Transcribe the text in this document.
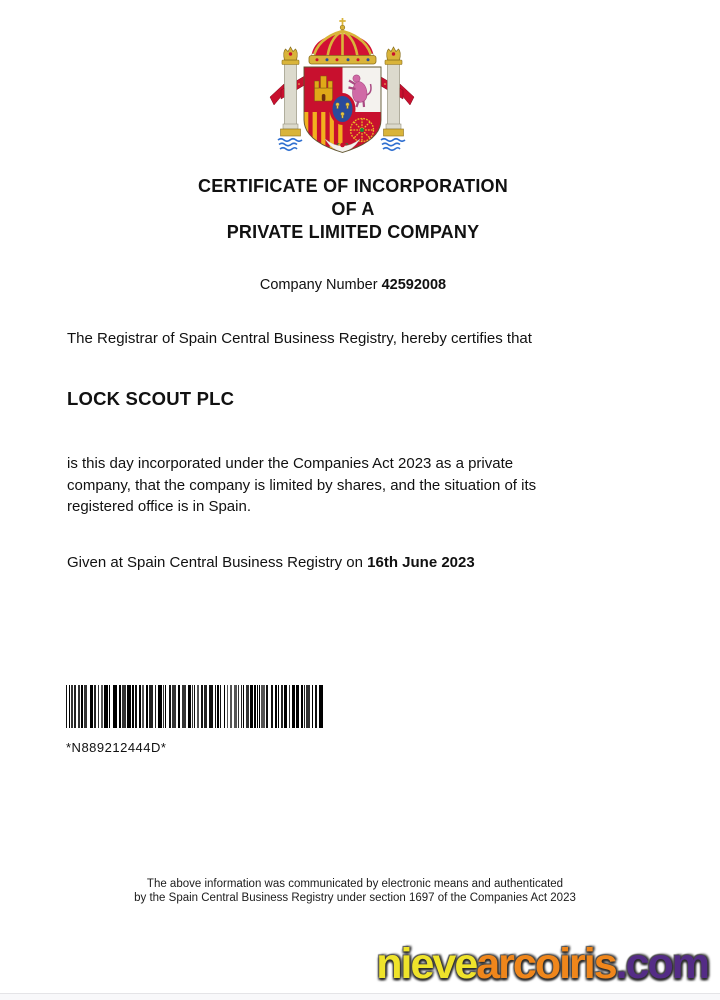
CERTIFICATE OF INCORPORATION
OF A
PRIVATE LIMITED COMPANY
Company Number 42592008
The Registrar of Spain Central Business Registry, hereby certifies that
LOCK SCOUT PLC
is this day incorporated under the Companies Act 2023 as a private
company, that the company is limited by shares, and the situation of its
registered office is in Spain.
Given at Spain Central Business Registry on 16th June 2023
*N889212444D*
The above information was communicated by electronic means and authenticated
by the Spain Central Business Registry under section 1697 of the Companies Act 2023
nievearcoiris.com
